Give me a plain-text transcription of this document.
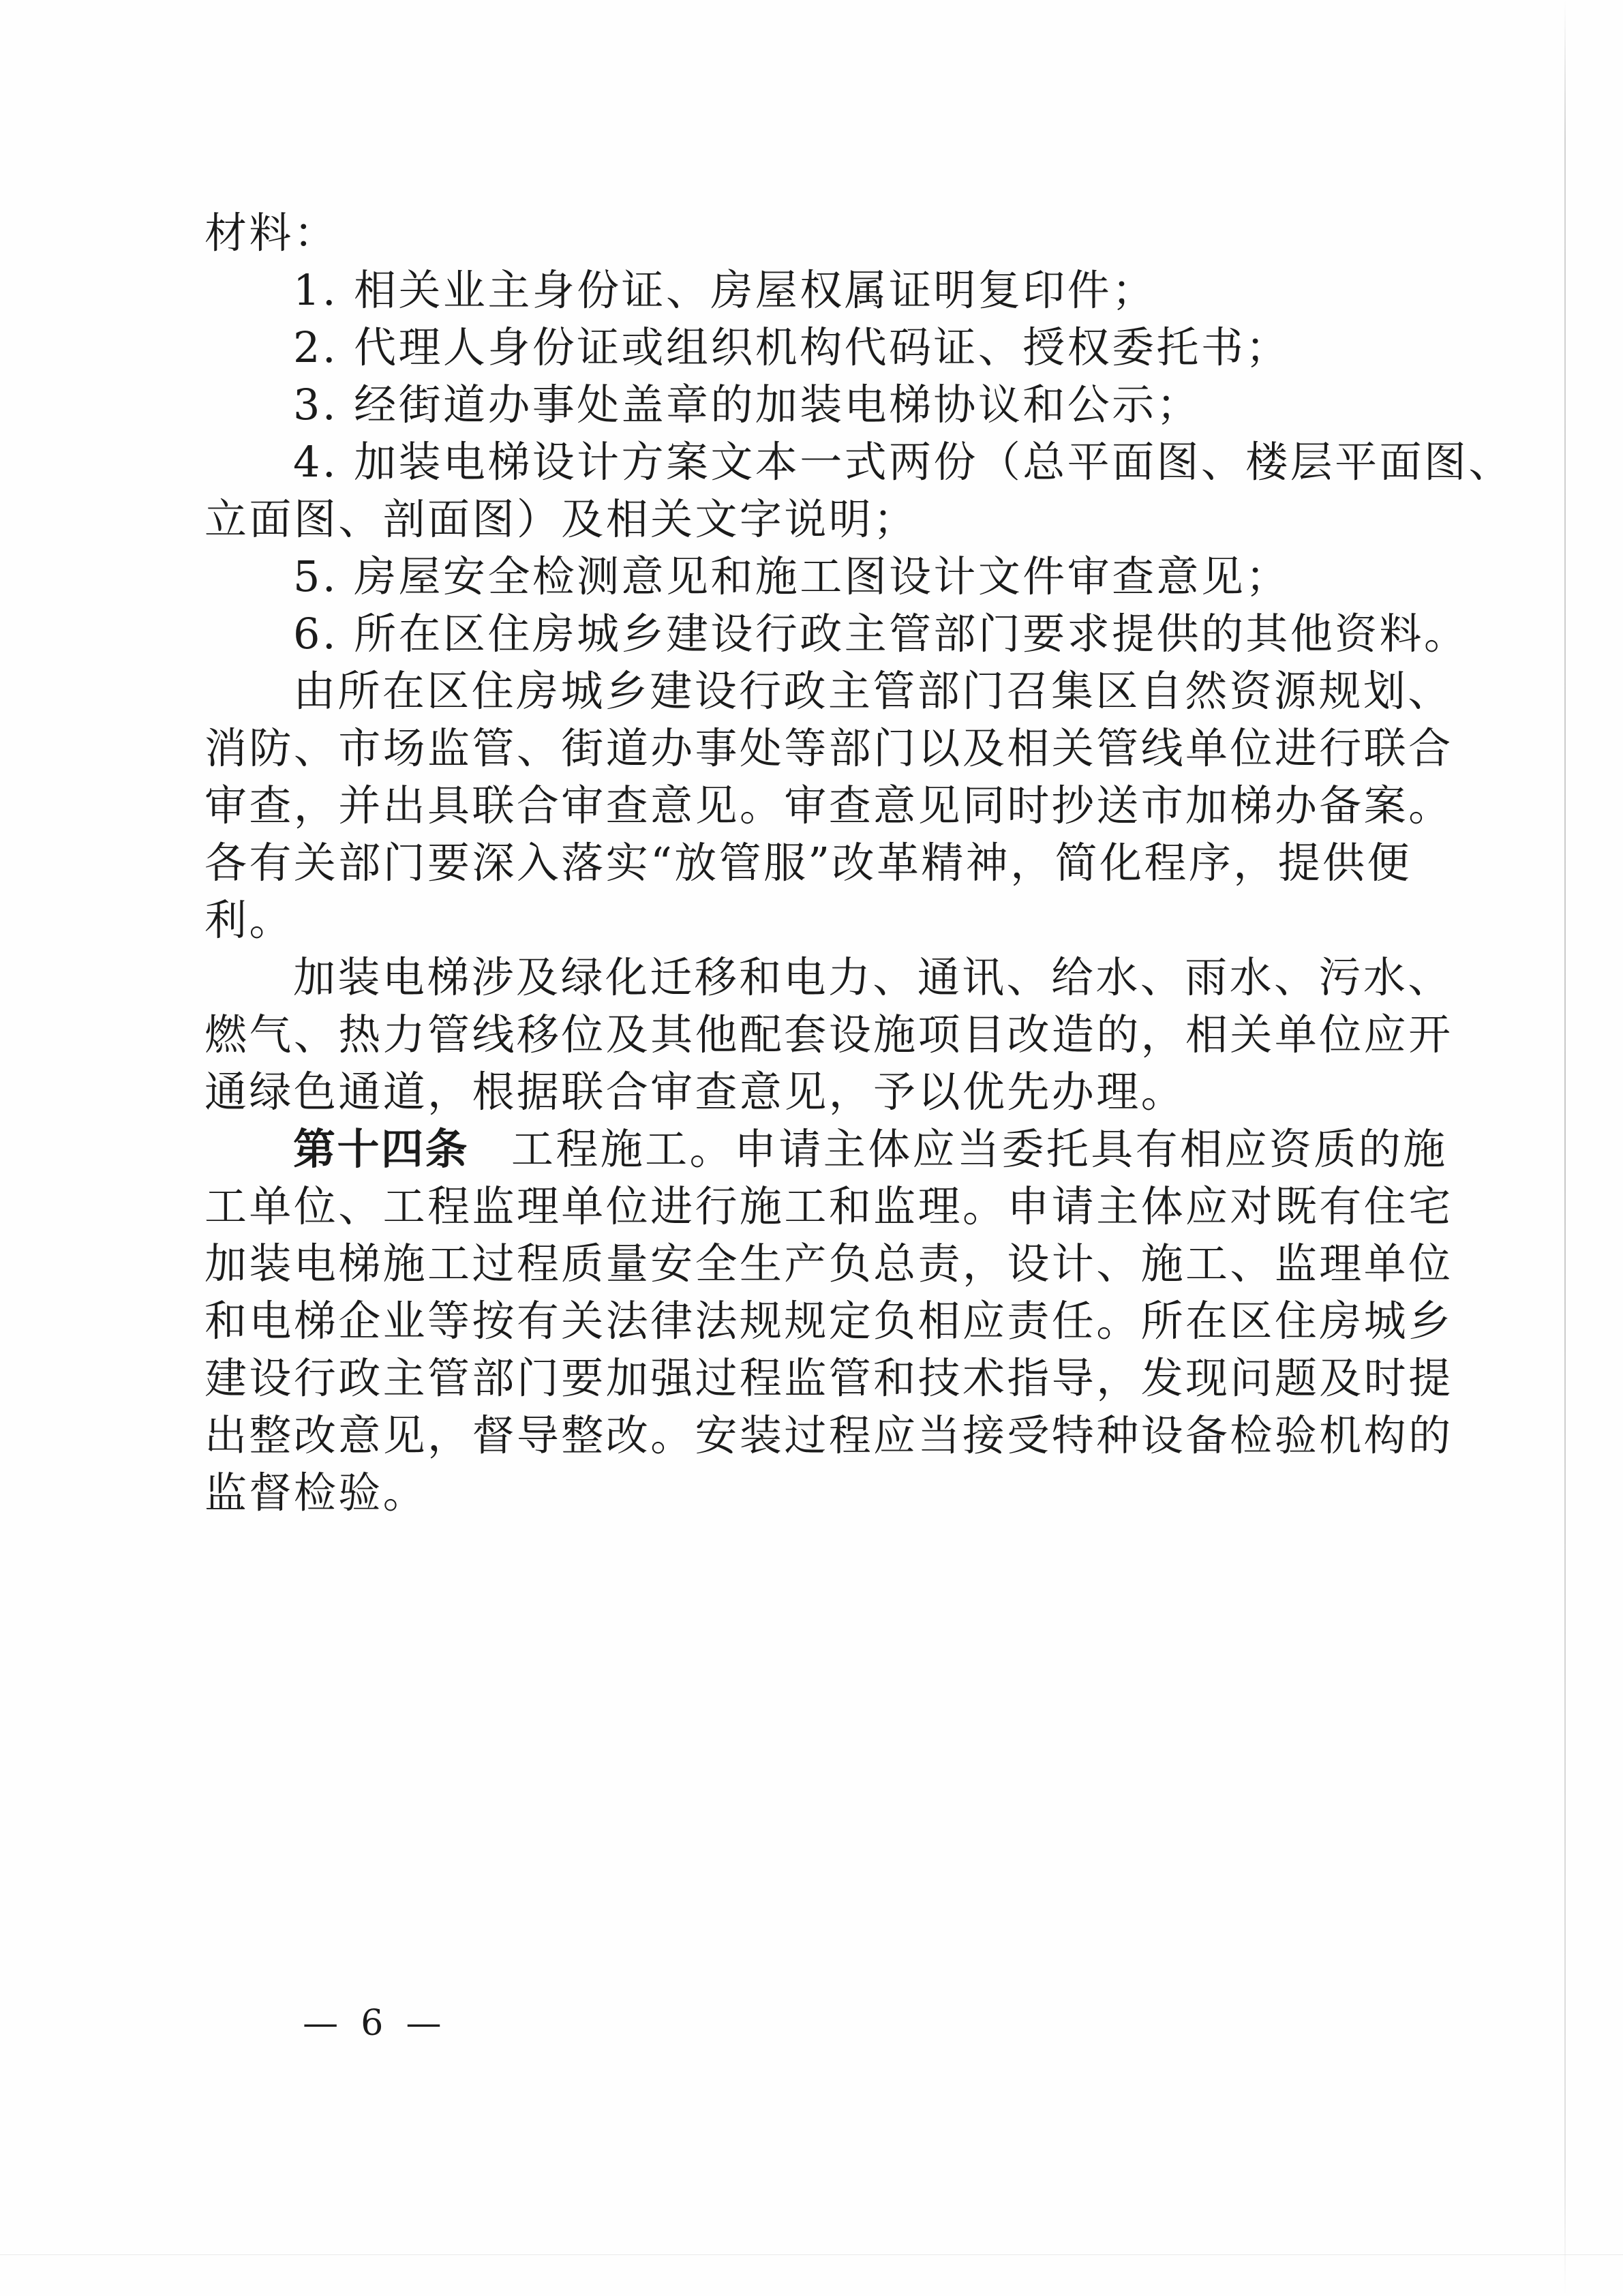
材料：
1. 相关业主身份证、房屋权属证明复印件；
2. 代理人身份证或组织机构代码证、授权委托书；
3. 经街道办事处盖章的加装电梯协议和公示；
4. 加装电梯设计方案文本一式两份（总平面图、楼层平面图、
立面图、剖面图）及相关文字说明；
5. 房屋安全检测意见和施工图设计文件审查意见；
6. 所在区住房城乡建设行政主管部门要求提供的其他资料。
由所在区住房城乡建设行政主管部门召集区自然资源规划、
消防、市场监管、街道办事处等部门以及相关管线单位进行联合
审查，并出具联合审查意见。审查意见同时抄送市加梯办备案。
各有关部门要深入落实“放管服”改革精神，简化程序，提供便
利。
加装电梯涉及绿化迁移和电力、通讯、给水、雨水、污水、
燃气、热力管线移位及其他配套设施项目改造的，相关单位应开
通绿色通道，根据联合审查意见，予以优先办理。
第十四条 工程施工。申请主体应当委托具有相应资质的施
工单位、工程监理单位进行施工和监理。申请主体应对既有住宅
加装电梯施工过程质量安全生产负总责，设计、施工、监理单位
和电梯企业等按有关法律法规规定负相应责任。所在区住房城乡
建设行政主管部门要加强过程监管和技术指导，发现问题及时提
出整改意见，督导整改。安装过程应当接受特种设备检验机构的
监督检验。
— 6 —
